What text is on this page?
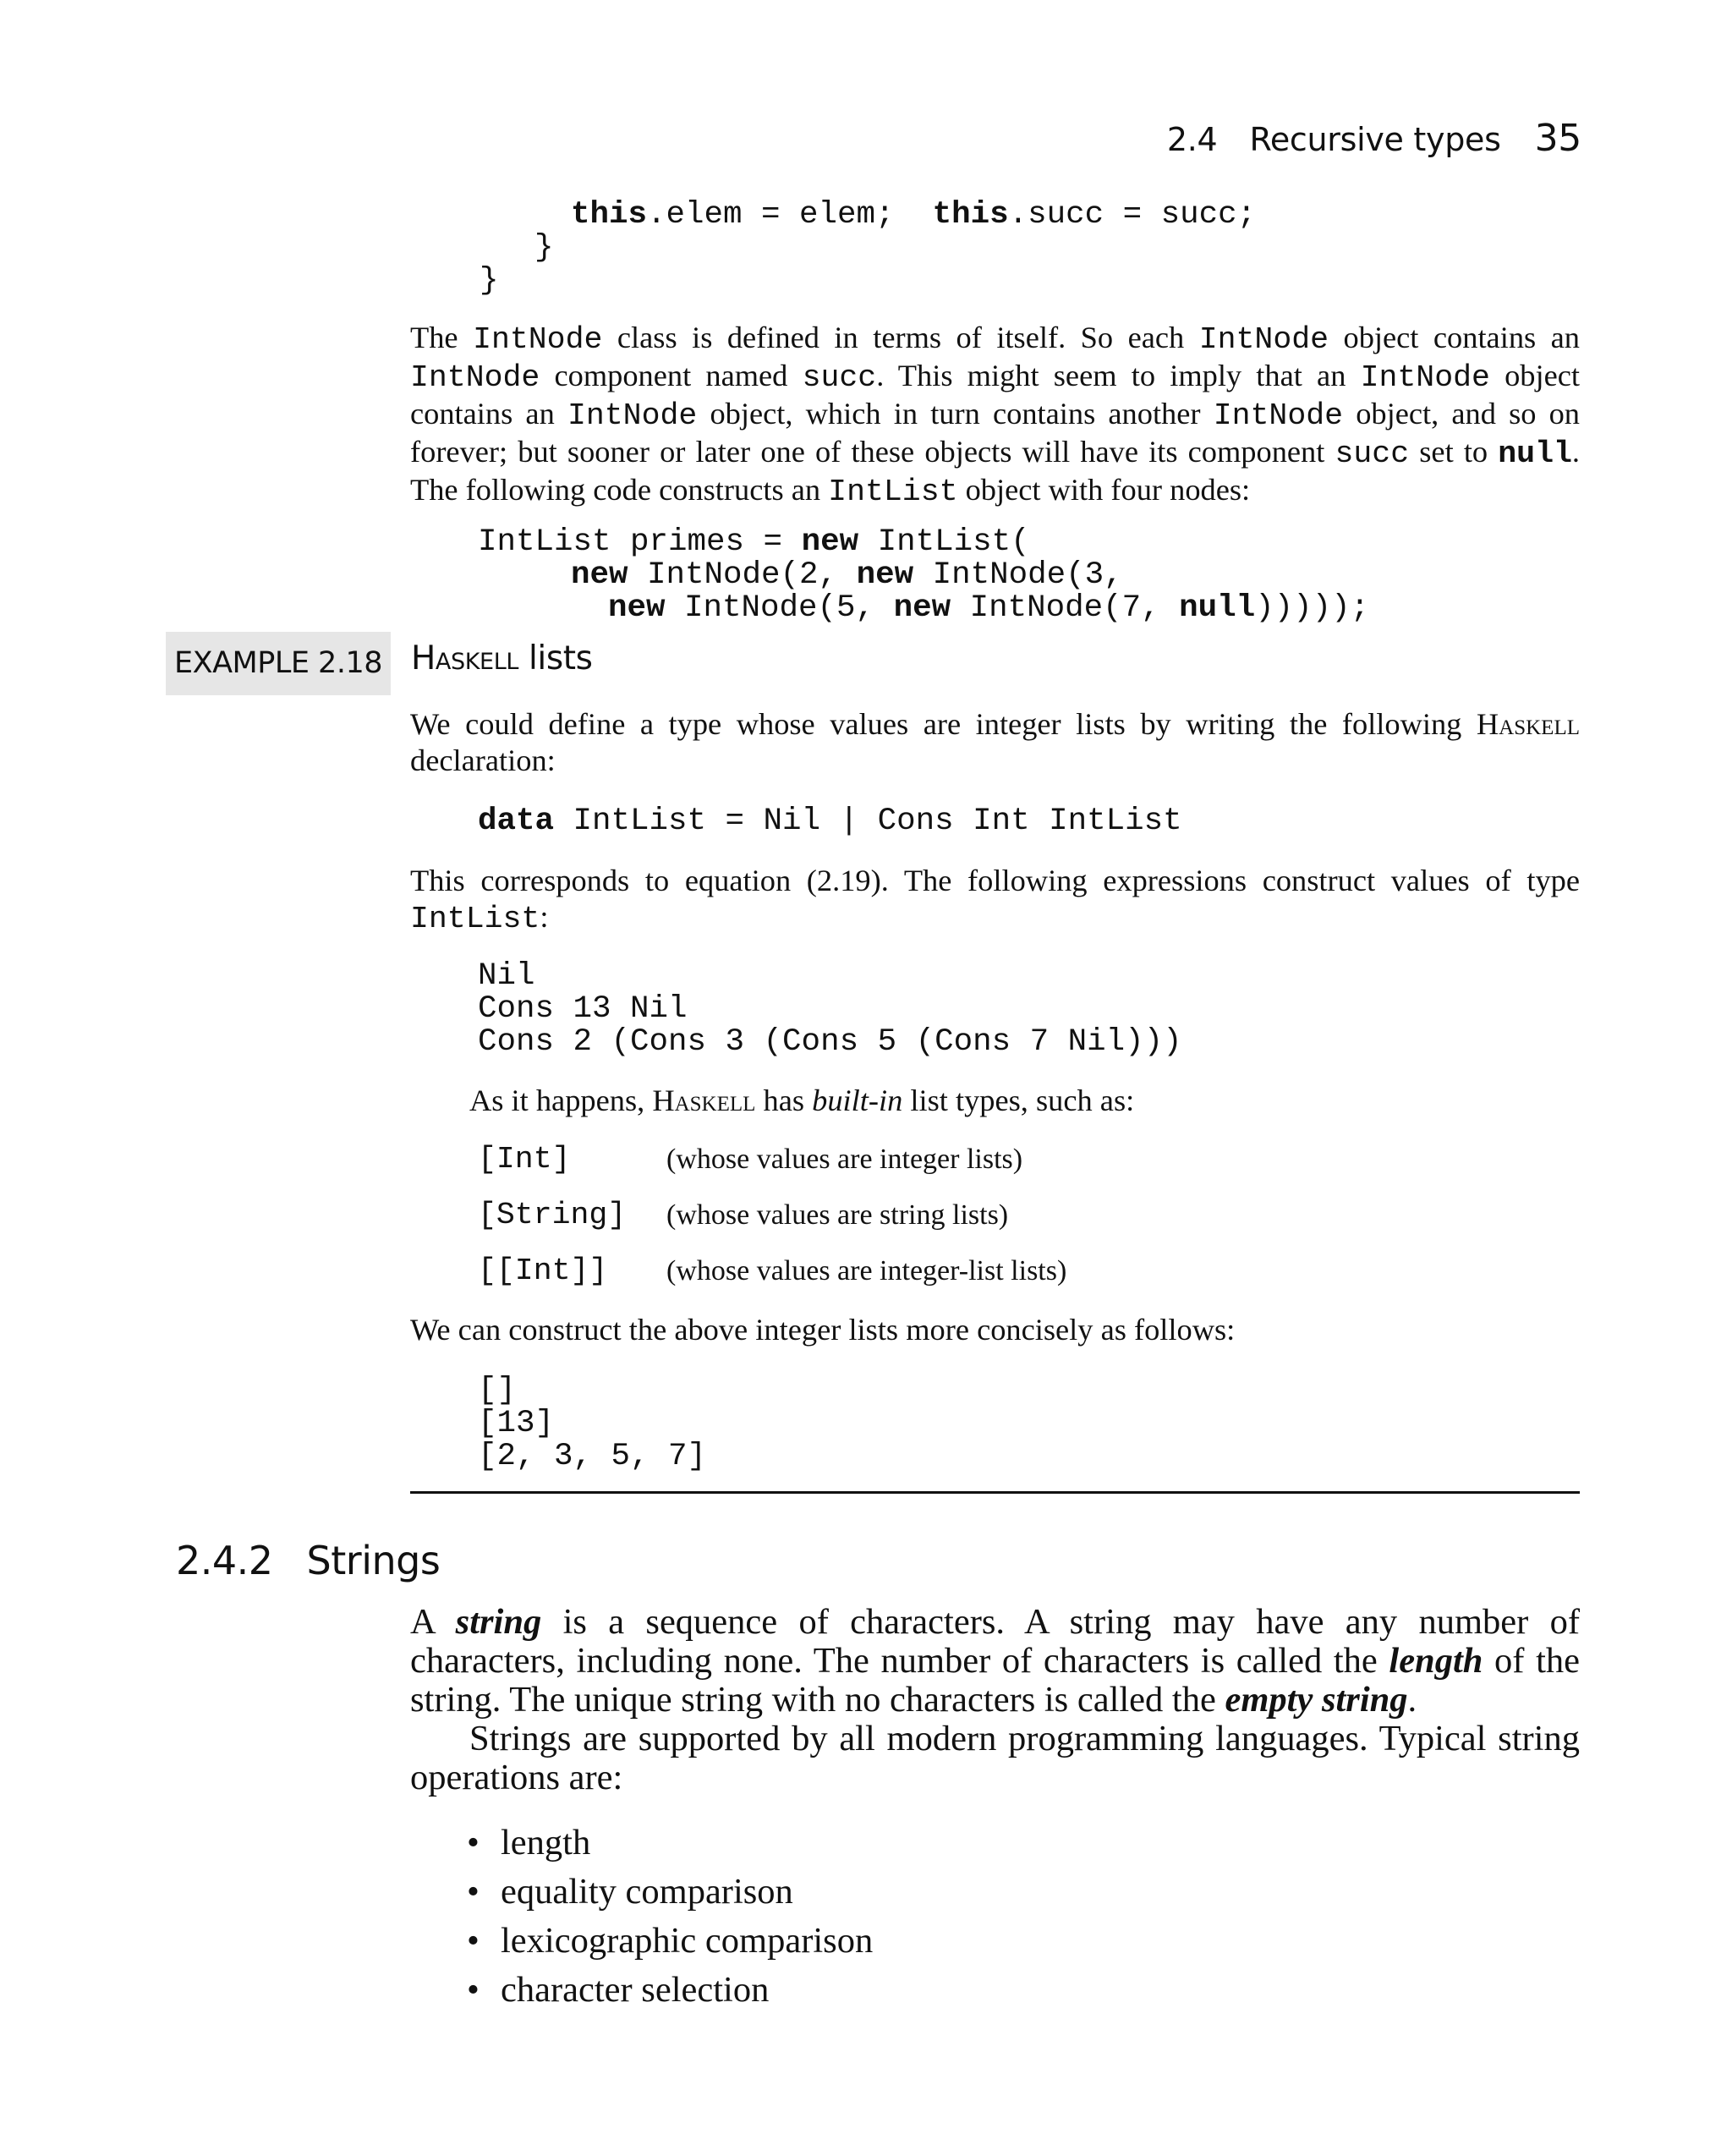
2.4 Recursive types 35
this.elem = elem;  this.succ = succ;
}
}
The IntNode class is defined in terms of itself. So each IntNode object contains an IntNode component named succ. This might seem to imply that an IntNode object contains an IntNode object, which in turn contains another IntNode object, and so on forever; but sooner or later one of these objects will have its component succ set to null. The following code constructs an IntList object with four nodes:
IntList primes = new IntList(
new IntNode(2, new IntNode(3,
new IntNode(5, new IntNode(7, null)))));
EXAMPLE 2.18 Haskell lists
We could define a type whose values are integer lists by writing the following Haskell declaration:
data IntList = Nil | Cons Int IntList
This corresponds to equation (2.19). The following expressions construct values of type IntList:
Nil
Cons 13 Nil
Cons 2 (Cons 3 (Cons 5 (Cons 7 Nil)))
As it happens, Haskell has built-in list types, such as:
[Int]	(whose values are integer lists)
[String] (whose values are string lists)
[[Int]] (whose values are integer-list lists)
We can construct the above integer lists more concisely as follows:
[]
[13]
[2, 3, 5, 7]
2.4.2 Strings
A string is a sequence of characters. A string may have any number of characters, including none. The number of characters is called the length of the string. The unique string with no characters is called the empty string.
Strings are supported by all modern programming languages. Typical string operations are:
• length
• equality comparison
• lexicographic comparison
• character selection
